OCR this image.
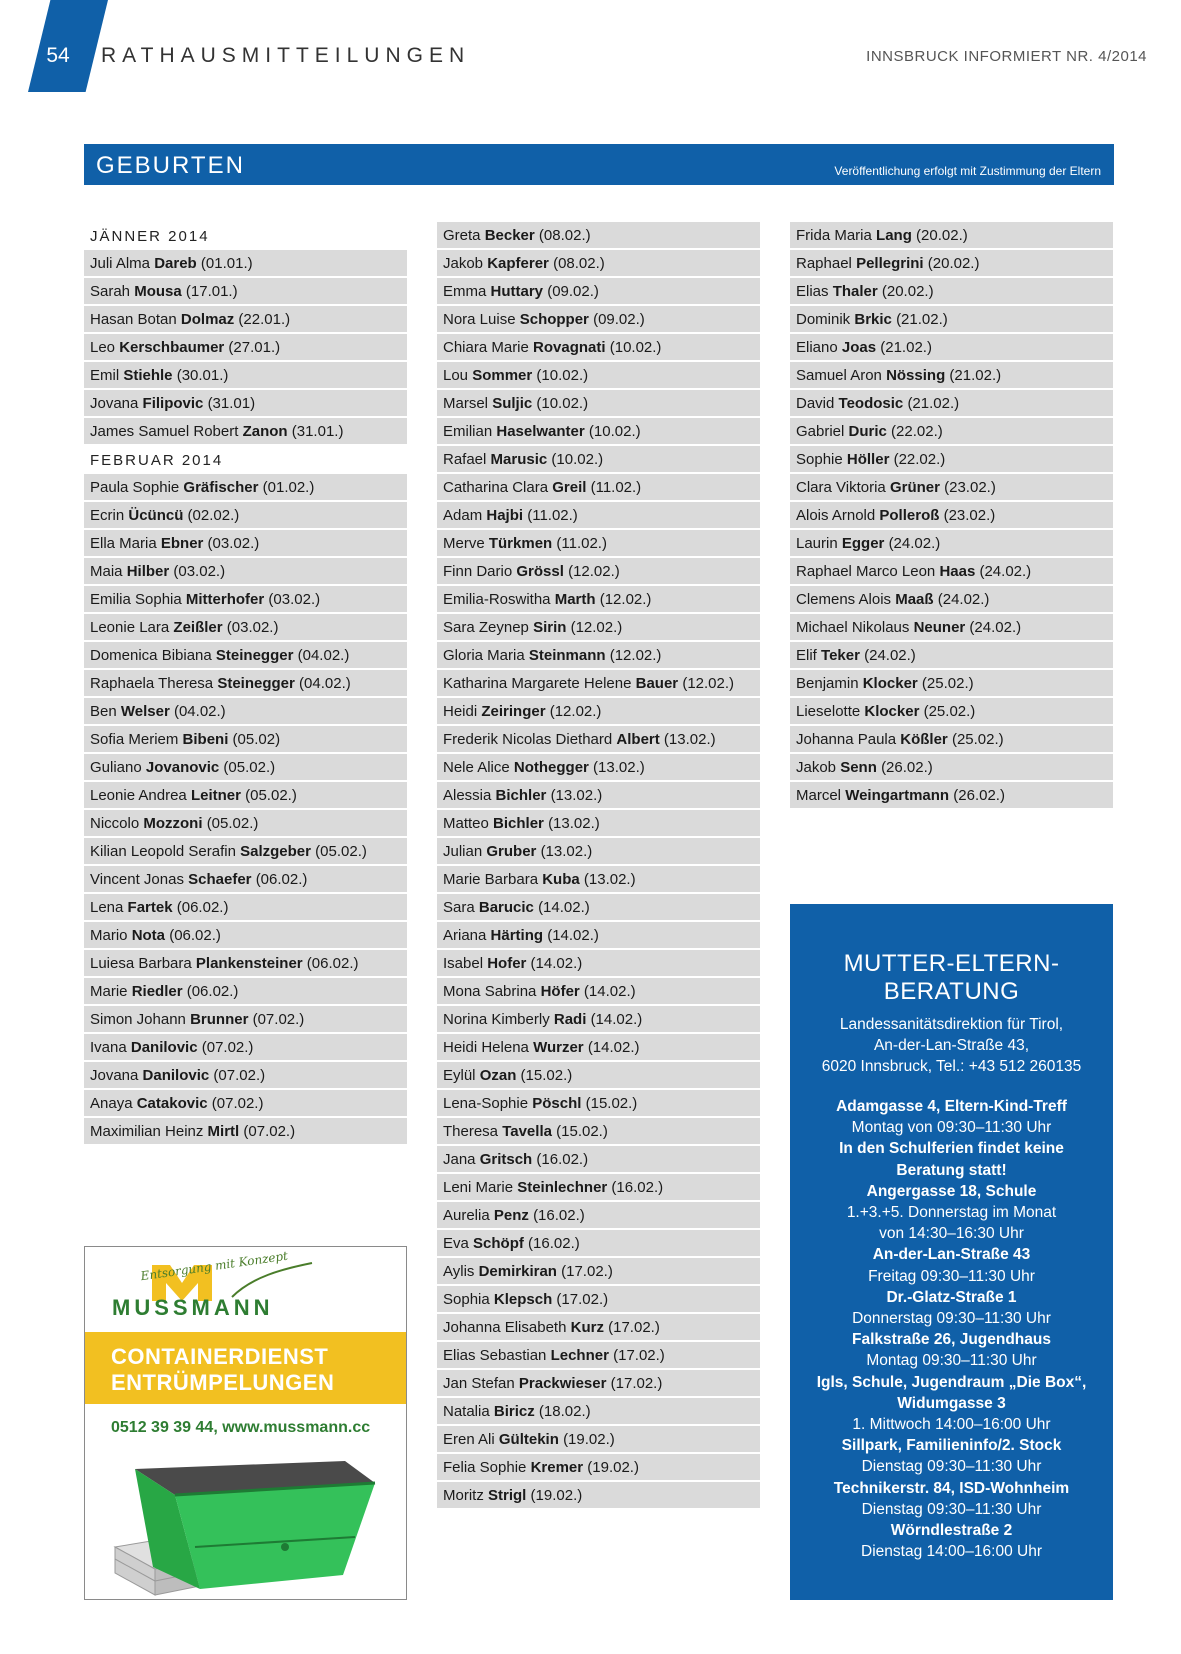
54	RATHAUSMITTEILUNGEN	INNSBRUCK INFORMIERT NR. 4/2014
GEBURTEN	Veröffentlichung erfolgt mit Zustimmung der Eltern
JÄNNER 2014
Juli Alma Dareb (01.01.)
Sarah Mousa (17.01.)
Hasan Botan Dolmaz (22.01.)
Leo Kerschbaumer (27.01.)
Emil Stiehle (30.01.)
Jovana Filipovic (31.01)
James Samuel Robert Zanon (31.01.)
FEBRUAR 2014
Paula Sophie Gräfischer (01.02.)
Ecrin Ücüncü (02.02.)
Ella Maria Ebner (03.02.)
Maia Hilber (03.02.)
Emilia Sophia Mitterhofer (03.02.)
Leonie Lara Zeißler (03.02.)
Domenica Bibiana Steinegger (04.02.)
Raphaela Theresa Steinegger (04.02.)
Ben Welser (04.02.)
Sofia Meriem Bibeni (05.02)
Guliano Jovanovic (05.02.)
Leonie Andrea Leitner (05.02.)
Niccolo Mozzoni (05.02.)
Kilian Leopold Serafin Salzgeber (05.02.)
Vincent Jonas Schaefer (06.02.)
Lena Fartek (06.02.)
Mario Nota (06.02.)
Luiesa Barbara Plankensteiner (06.02.)
Marie Riedler (06.02.)
Simon Johann Brunner (07.02.)
Ivana Danilovic (07.02.)
Jovana Danilovic (07.02.)
Anaya Catakovic (07.02.)
Maximilian Heinz Mirtl (07.02.)
Greta Becker (08.02.)
Jakob Kapferer (08.02.)
Emma Huttary (09.02.)
Nora Luise Schopper (09.02.)
Chiara Marie Rovagnati (10.02.)
Lou Sommer (10.02.)
Marsel Suljic (10.02.)
Emilian Haselwanter (10.02.)
Rafael Marusic (10.02.)
Catharina Clara Greil (11.02.)
Adam Hajbi (11.02.)
Merve Türkmen (11.02.)
Finn Dario Grössl (12.02.)
Emilia-Roswitha Marth (12.02.)
Sara Zeynep Sirin (12.02.)
Gloria Maria Steinmann (12.02.)
Katharina Margarete Helene Bauer (12.02.)
Heidi Zeiringer (12.02.)
Frederik Nicolas Diethard Albert (13.02.)
Nele Alice Nothegger (13.02.)
Alessia Bichler (13.02.)
Matteo Bichler (13.02.)
Julian Gruber (13.02.)
Marie Barbara Kuba (13.02.)
Sara Barucic (14.02.)
Ariana Härting (14.02.)
Isabel Hofer (14.02.)
Mona Sabrina Höfer (14.02.)
Norina Kimberly Radi (14.02.)
Heidi Helena Wurzer (14.02.)
Eylül Ozan (15.02.)
Lena-Sophie Pöschl (15.02.)
Theresa Tavella (15.02.)
Jana Gritsch (16.02.)
Leni Marie Steinlechner (16.02.)
Aurelia Penz (16.02.)
Eva Schöpf (16.02.)
Aylis Demirkiran (17.02.)
Sophia Klepsch (17.02.)
Johanna Elisabeth Kurz (17.02.)
Elias Sebastian Lechner (17.02.)
Jan Stefan Prackwieser (17.02.)
Natalia Biricz (18.02.)
Eren Ali Gültekin (19.02.)
Felia Sophie Kremer (19.02.)
Moritz Strigl (19.02.)
Frida Maria Lang (20.02.)
Raphael Pellegrini (20.02.)
Elias Thaler (20.02.)
Dominik Brkic (21.02.)
Eliano Joas (21.02.)
Samuel Aron Nössing (21.02.)
David Teodosic (21.02.)
Gabriel Duric (22.02.)
Sophie Höller (22.02.)
Clara Viktoria Grüner (23.02.)
Alois Arnold Polleroß (23.02.)
Laurin Egger (24.02.)
Raphael Marco Leon Haas (24.02.)
Clemens Alois Maaß (24.02.)
Michael Nikolaus Neuner (24.02.)
Elif Teker (24.02.)
Benjamin Klocker (25.02.)
Lieselotte Klocker (25.02.)
Johanna Paula Kößler (25.02.)
Jakob Senn (26.02.)
Marcel Weingartmann (26.02.)
Entsorgung mit Konzept
MUSSMANN
CONTAINERDIENST
ENTRÜMPELUNGEN
0512 39 39 44, www.mussmann.cc
MUTTER-ELTERN-
BERATUNG
Landessanitätsdirektion für Tirol,
An-der-Lan-Straße 43,
6020 Innsbruck, Tel.: +43 512 260135
Adamgasse 4, Eltern-Kind-Treff
Montag von 09:30–11:30 Uhr
In den Schulferien findet keine
Beratung statt!
Angergasse 18, Schule
1.+3.+5. Donnerstag im Monat
von 14:30–16:30 Uhr
An-der-Lan-Straße 43
Freitag 09:30–11:30 Uhr
Dr.-Glatz-Straße 1
Donnerstag 09:30–11:30 Uhr
Falkstraße 26, Jugendhaus
Montag 09:30–11:30 Uhr
Igls, Schule, Jugendraum „Die Box“,
Widumgasse 3
1. Mittwoch 14:00–16:00 Uhr
Sillpark, Familieninfo/2. Stock
Dienstag 09:30–11:30 Uhr
Technikerstr. 84, ISD-Wohnheim
Dienstag 09:30–11:30 Uhr
Wörndlestraße 2
Dienstag 14:00–16:00 Uhr
